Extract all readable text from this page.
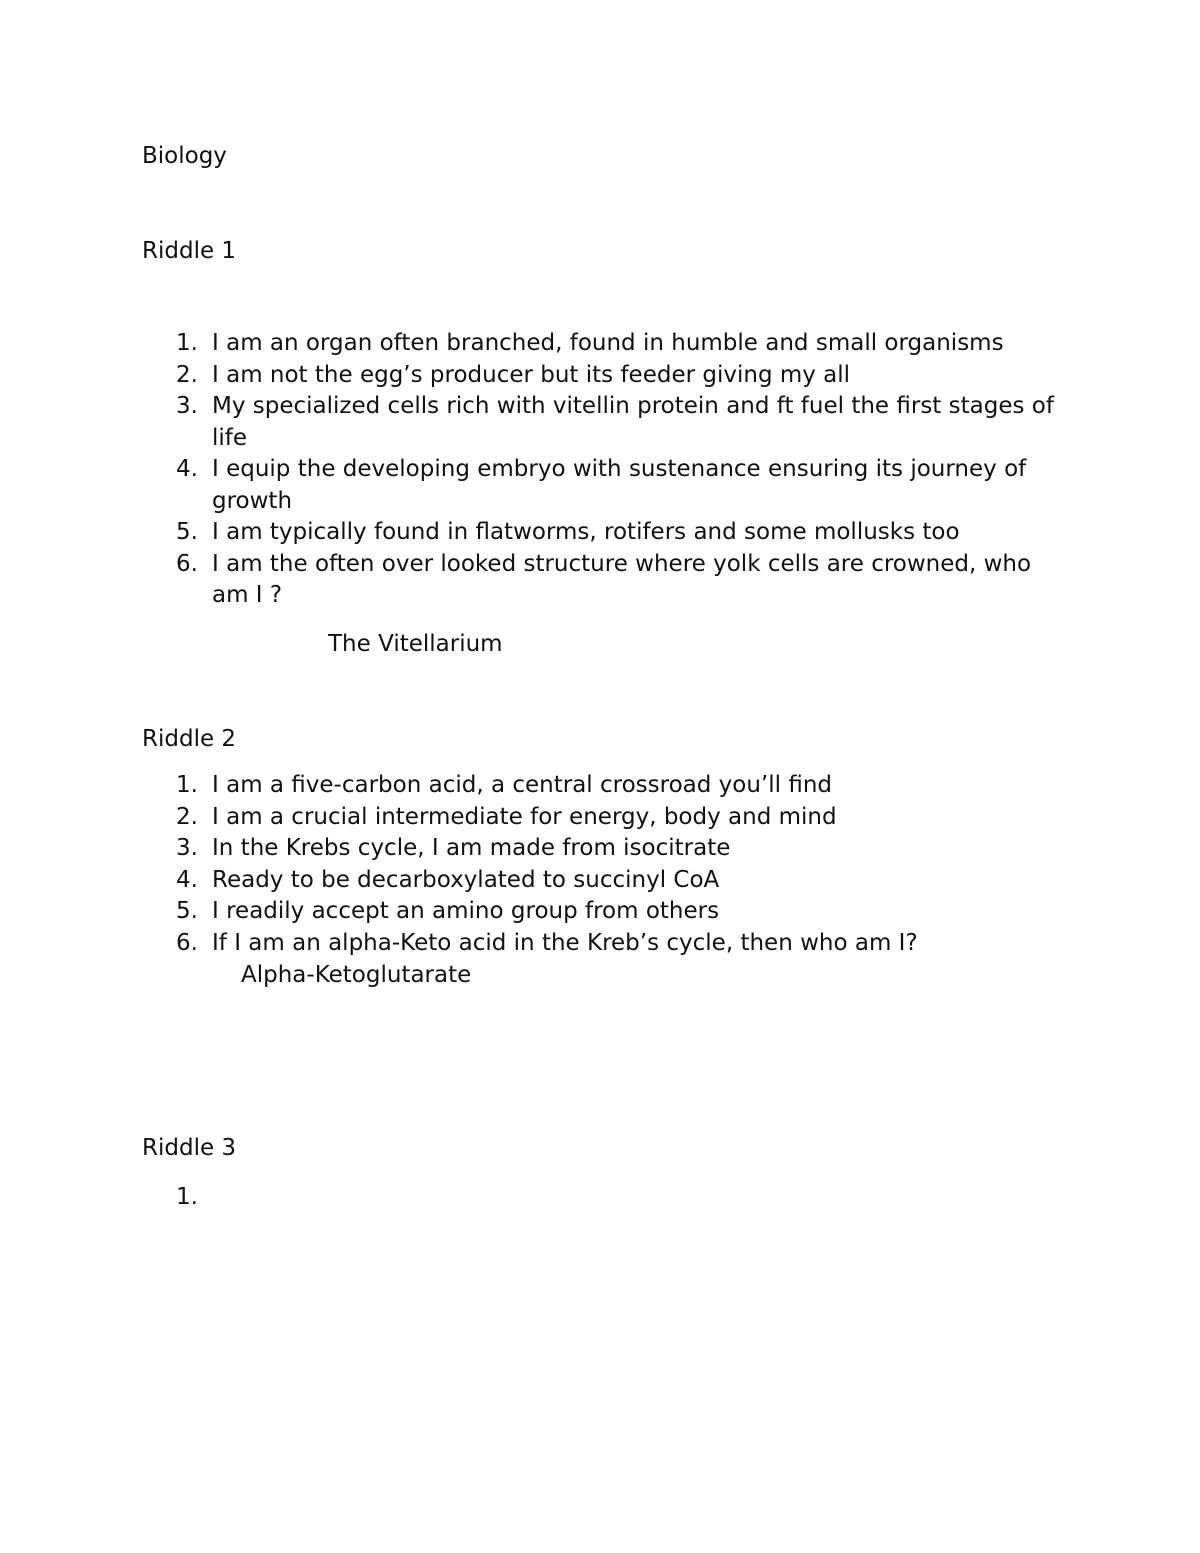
Biology
Riddle 1
1. I am an organ often branched, found in humble and small organisms
2. I am not the egg’s producer but its feeder giving my all
3. My specialized cells rich with vitellin protein and ft fuel the first stages of life
4. I equip the developing embryo with sustenance ensuring its journey of growth
5. I am typically found in flatworms, rotifers and some mollusks too
6. I am the often over looked structure where yolk cells are crowned, who am I ?

The Vitellarium

Riddle 2
1. I am a five-carbon acid, a central crossroad you’ll find
2. I am a crucial intermediate for energy, body and mind
3. In the Krebs cycle, I am made from isocitrate
4. Ready to be decarboxylated to succinyl CoA
5. I readily accept an amino group from others
6. If I am an alpha-Keto acid in the Kreb’s cycle, then who am I?

Alpha-Ketoglutarate

Riddle 3
1.
